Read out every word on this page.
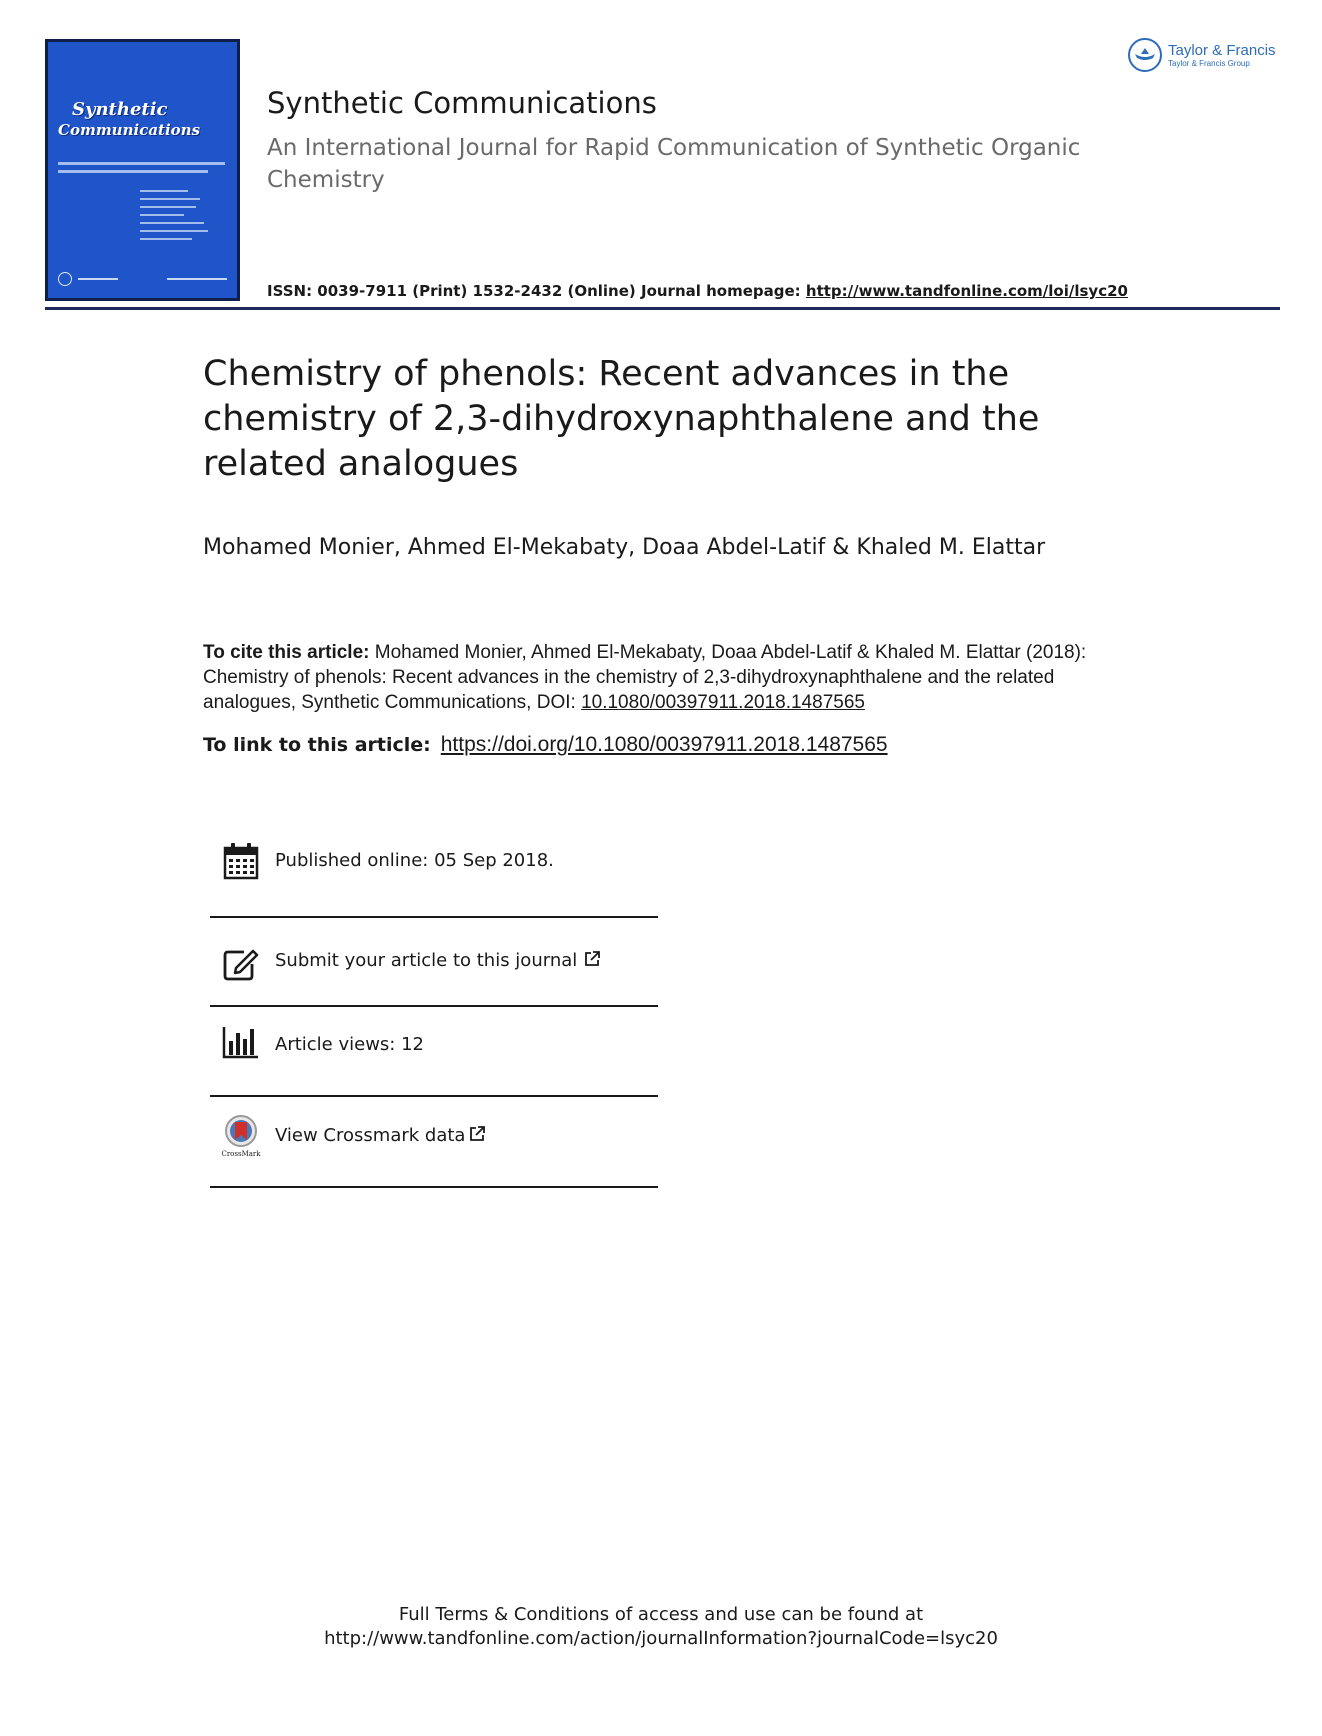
Synthetic
Communications
Taylor & Francis
Taylor & Francis Group
Synthetic Communications
An International Journal for Rapid Communication of Synthetic Organic Chemistry
ISSN: 0039-7911 (Print) 1532-2432 (Online) Journal homepage: http://www.tandfonline.com/loi/lsyc20
Chemistry of phenols: Recent advances in the chemistry of 2,3-dihydroxynaphthalene and the related analogues
Mohamed Monier, Ahmed El-Mekabaty, Doaa Abdel-Latif & Khaled M. Elattar
To cite this article: Mohamed Monier, Ahmed El-Mekabaty, Doaa Abdel-Latif & Khaled M. Elattar (2018): Chemistry of phenols: Recent advances in the chemistry of 2,3-dihydroxynaphthalene and the related analogues, Synthetic Communications, DOI: 10.1080/00397911.2018.1487565
To link to this article: https://doi.org/10.1080/00397911.2018.1487565
Published online: 05 Sep 2018.
Submit your article to this journal
Article views: 12
CrossMark
View Crossmark data
Full Terms & Conditions of access and use can be found at
http://www.tandfonline.com/action/journalInformation?journalCode=lsyc20
